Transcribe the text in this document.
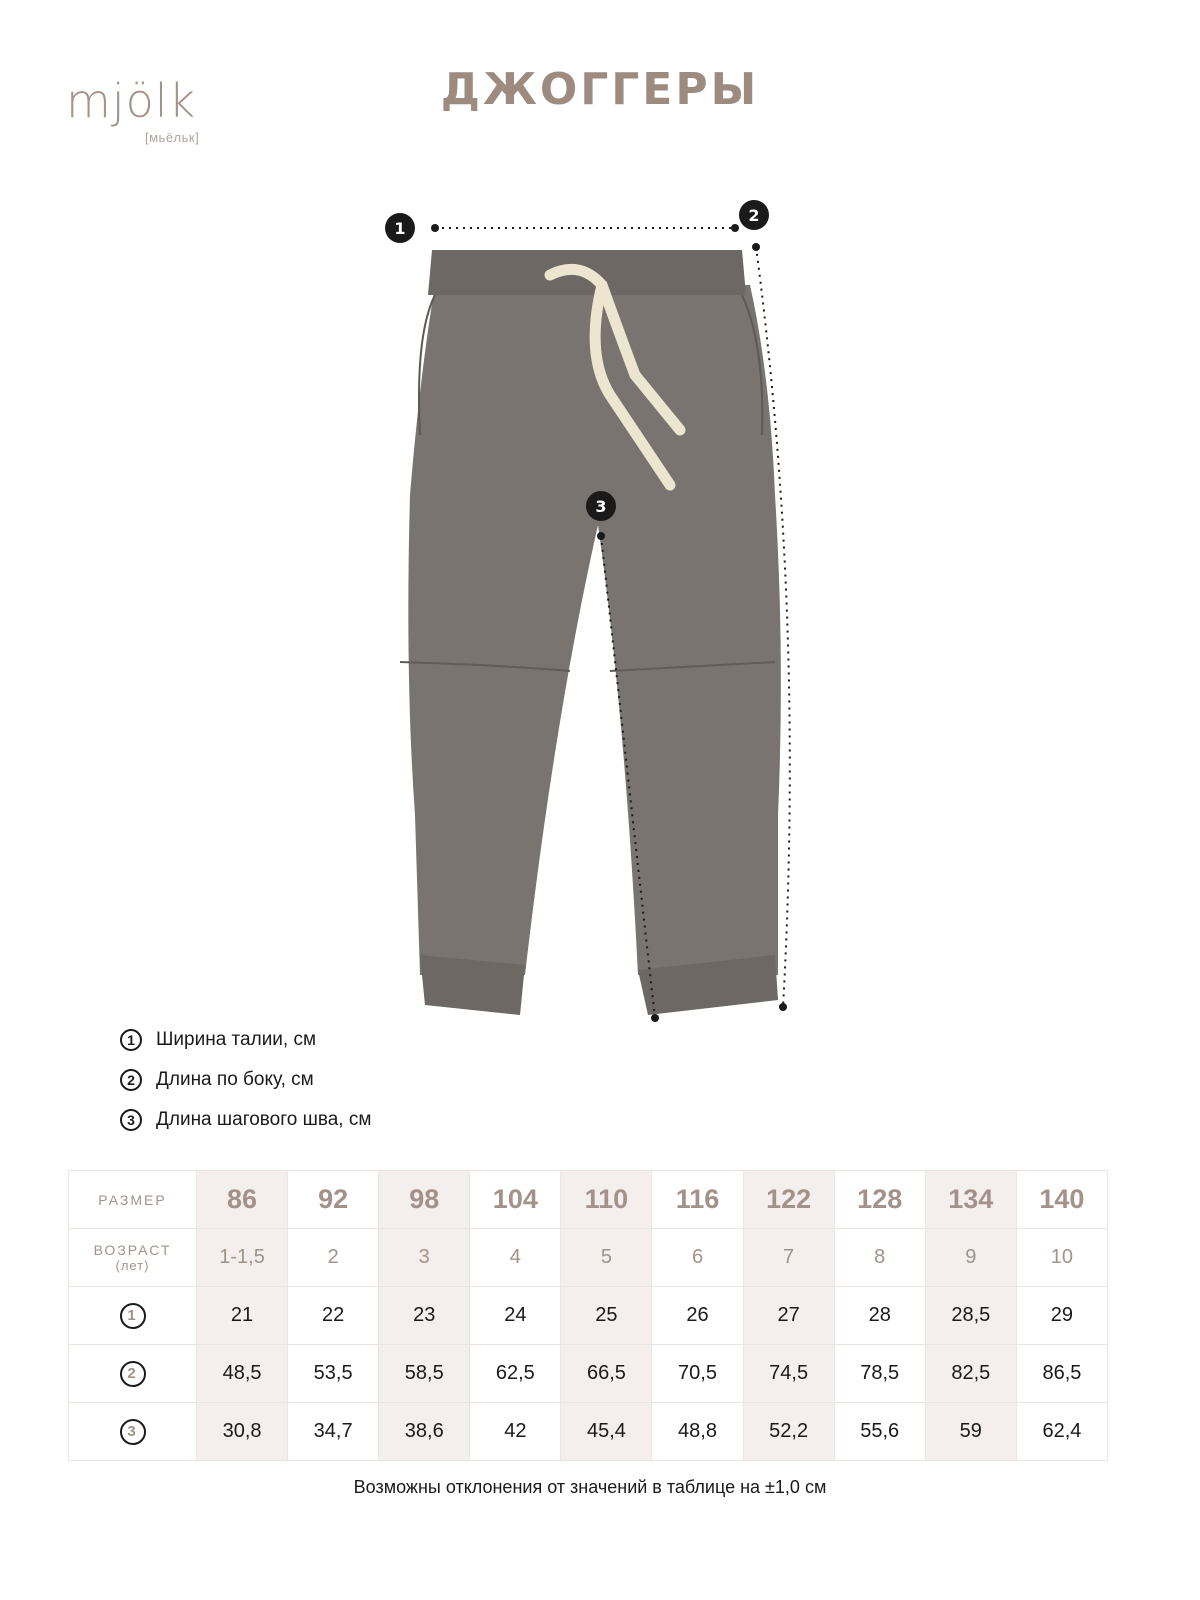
mjölk
[мьёльк]
ДЖОГГЕРЫ
1
2
3
1	Ширина талии, см
2	Длина по боку, см
3	Длина шагового шва, см
РАЗМЕР	86	92	98	104	110	116	122	128	134	140
ВОЗРАСТ
(лет)	1-1,5	2	3	4	5	6	7	8	9	10
1	21	22	23	24	25	26	27	28	28,5	29
2	48,5	53,5	58,5	62,5	66,5	70,5	74,5	78,5	82,5	86,5
3	30,8	34,7	38,6	42	45,4	48,8	52,2	55,6	59	62,4
Возможны отклонения от значений в таблице на ±1,0 см
